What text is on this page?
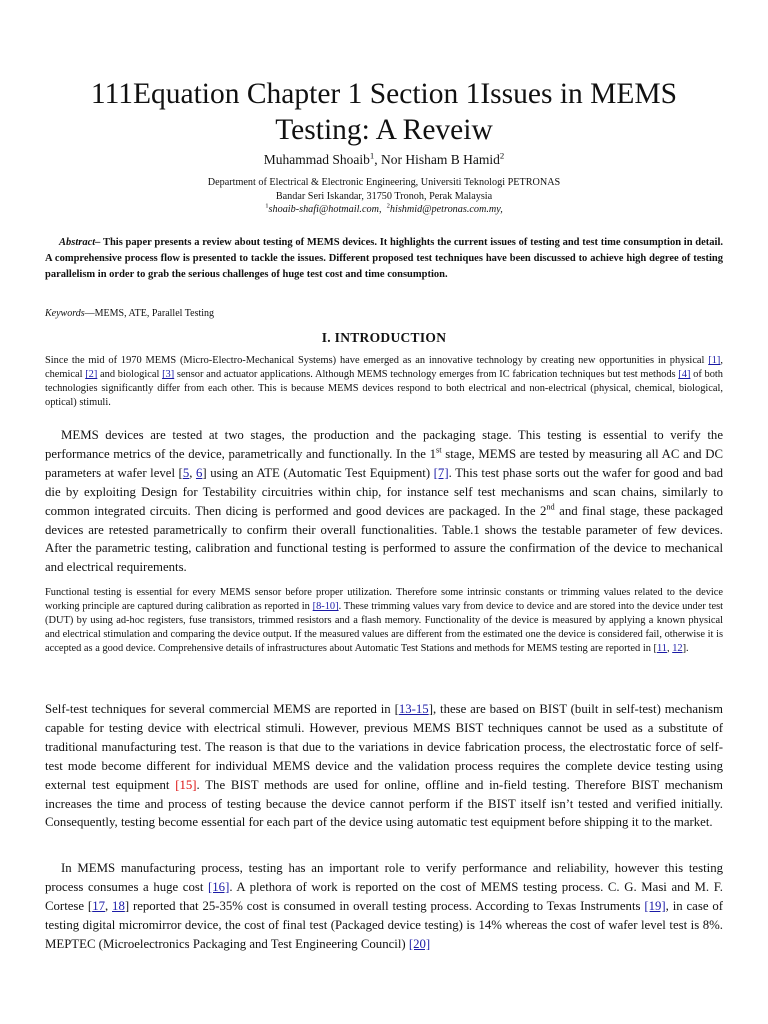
111Equation Chapter 1 Section 1Issues in MEMS
Testing: A Reveiw
Muhammad Shoaib$^1$, Nor Hisham B Hamid$^2$
Department of Electrical & Electronic Engineering, Universiti Teknologi PETRONAS
Bandar Seri Iskandar, 31750 Tronoh, Perak Malaysia
$^1$shoaib-shafi@hotmail.com, $^2$hishmid@petronas.com.my,
Abstract– This paper presents a review about testing of MEMS devices. It highlights the current issues of testing and test time consumption in detail. A comprehensive process flow is presented to tackle the issues. Different proposed test techniques have been discussed to achieve high degree of testing parallelism in order to grab the serious challenges of huge test cost and time consumption.
Keywords—MEMS, ATE, Parallel Testing
I. INTRODUCTION
Since the mid of 1970 MEMS (Micro-Electro-Mechanical Systems) have emerged as an innovative technology by creating new opportunities in physical [1], chemical [2] and biological [3] sensor and actuator applications. Although MEMS technology emerges from IC fabrication techniques but test methods [4] of both technologies significantly differ from each other. This is because MEMS devices respond to both electrical and non-electrical (physical, chemical, biological, optical) stimuli.
MEMS devices are tested at two stages, the production and the packaging stage. This testing is essential to verify the performance metrics of the device, parametrically and functionally. In the 1st stage, MEMS are tested by measuring all AC and DC parameters at wafer level [5, 6] using an ATE (Automatic Test Equipment) [7]. This test phase sorts out the wafer for good and bad die by exploiting Design for Testability circuitries within chip, for instance self test mechanisms and scan chains, similarly to common integrated circuits. Then dicing is performed and good devices are packaged. In the 2nd and final stage, these packaged devices are retested parametrically to confirm their overall functionalities. Table.1 shows the testable parameter of few devices. After the parametric testing, calibration and functional testing is performed to assure the confirmation of the device to mechanical and electrical requirements.
Functional testing is essential for every MEMS sensor before proper utilization. Therefore some intrinsic constants or trimming values related to the device working principle are captured during calibration as reported in [8-10]. These trimming values vary from device to device and are stored into the device under test (DUT) by using ad-hoc registers, fuse transistors, trimmed resistors and a flash memory. Functionality of the device is measured by applying a known physical and electrical stimulation and comparing the device output. If the measured values are different from the estimated one the device is considered fail, otherwise it is accepted as a good device. Comprehensive details of infrastructures about Automatic Test Stations and methods for MEMS testing are reported in [11, 12].
Self-test techniques for several commercial MEMS are reported in [13-15], these are based on BIST (built in self-test) mechanism capable for testing device with electrical stimuli. However, previous MEMS BIST techniques cannot be used as a substitute of traditional manufacturing test. The reason is that due to the variations in device fabrication process, the electrostatic force of self-test mode become different for individual MEMS device and the validation process requires the complete device testing using external test equipment [15]. The BIST methods are used for online, offline and in-field testing. Therefore BIST mechanism increases the time and process of testing because the device cannot perform if the BIST itself isn’t tested and verified initially. Consequently, testing become essential for each part of the device using automatic test equipment before shipping it to the market.
In MEMS manufacturing process, testing has an important role to verify performance and reliability, however this testing process consumes a huge cost [16]. A plethora of work is reported on the cost of MEMS testing process. C. G. Masi and M. F. Cortese [17, 18] reported that 25-35% cost is consumed in overall testing process. According to Texas Instruments [19], in case of testing digital micromirror device, the cost of final test (Packaged device testing) is 14% whereas the cost of wafer level test is 8%. MEPTEC (Microelectronics Packaging and Test Engineering Council) [20]
